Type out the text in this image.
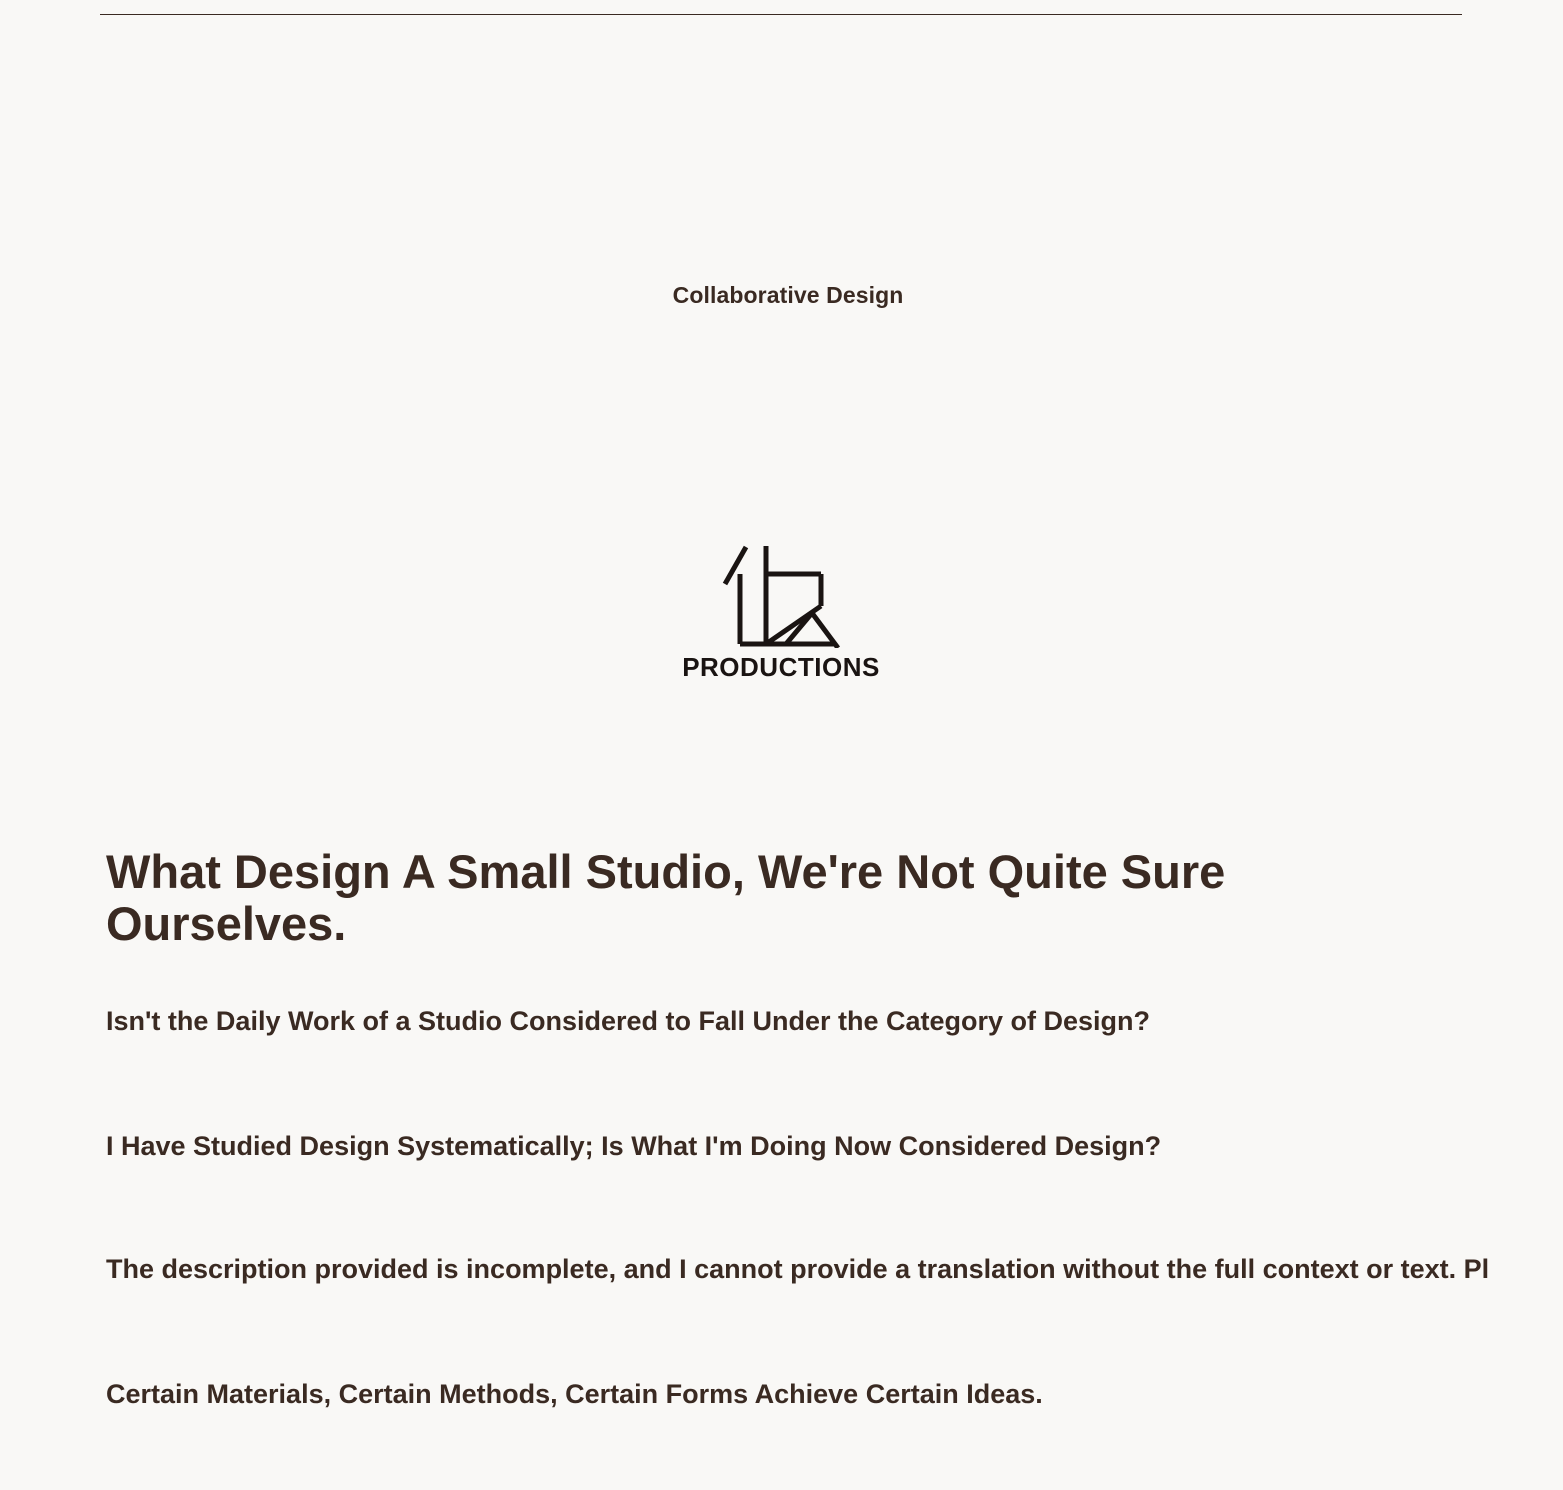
Collaborative Design
PRODUCTIONS
What Design A Small Studio, We're Not Quite Sure Ourselves.

Isn't the Daily Work of a Studio Considered to Fall Under the Category of Design?

I Have Studied Design Systematically; Is What I'm Doing Now Considered Design?

The description provided is incomplete, and I cannot provide a translation without the full context or text. Pl

Certain Materials, Certain Methods, Certain Forms Achieve Certain Ideas.
